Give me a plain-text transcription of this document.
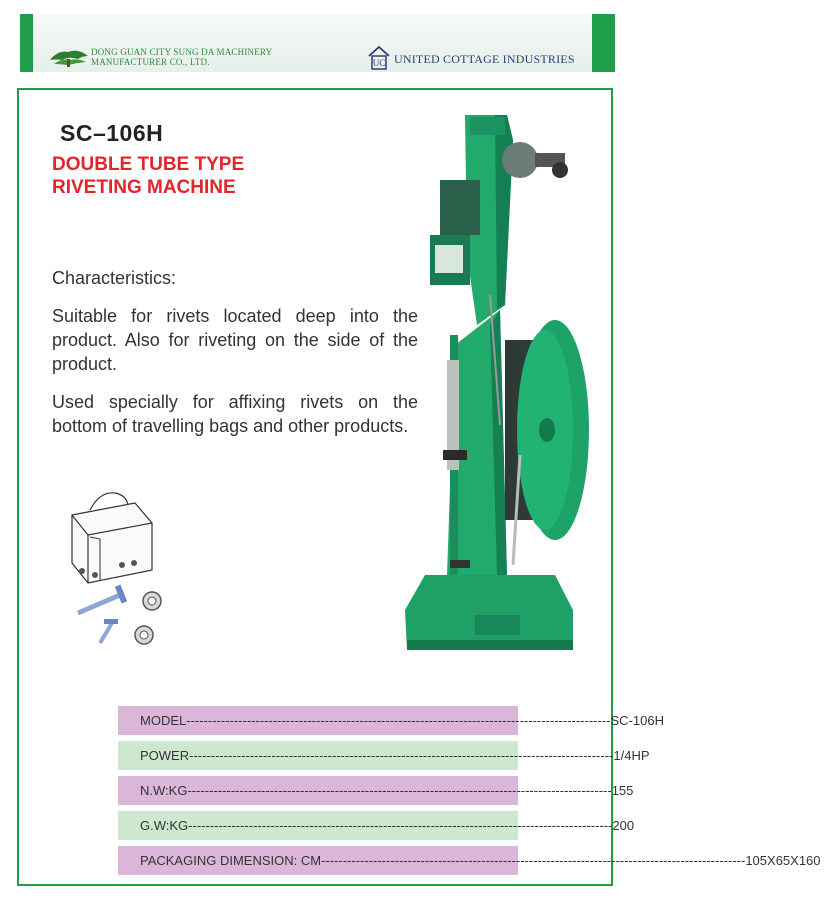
DONG GUAN CITY SUNG DA MACHINERY
MANUFACTURER CO., LTD.	UC UNITED COTTAGE INDUSTRIES
SC–106H
DOUBLE TUBE TYPE
RIVETING MACHINE
Characteristics:

Suitable for rivets located deep into the product. Also for riveting on the side of the product.

Used specially for affixing rivets on the bottom of travelling bags and other products.

MODEL -------------------------------------------------------------------------------------------------- SC-106H
POWER -------------------------------------------------------------------------------------------------- 1/4HP
N.W:KG -------------------------------------------------------------------------------------------------- 155
G.W:KG -------------------------------------------------------------------------------------------------- 200
PACKAGING DIMENSION: CM -------------------------------------------------------------------------------------------------- 105X65X160
